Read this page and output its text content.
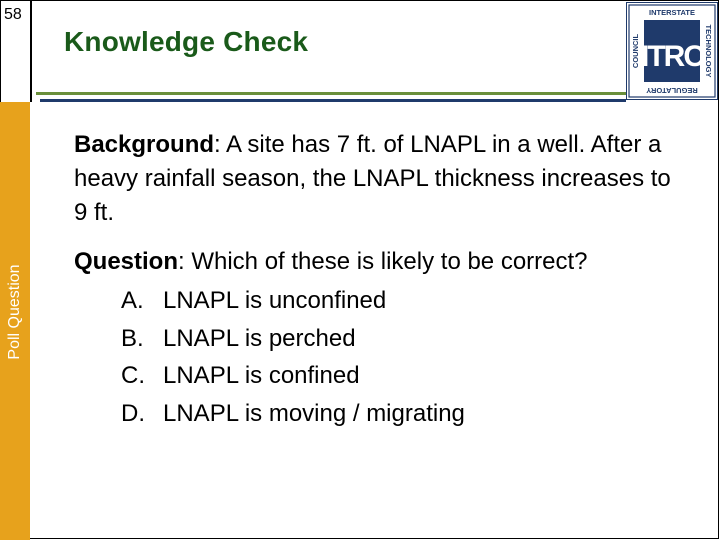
58
Knowledge Check
Poll Question
INTERSTATE
REGULATORY
COUNCIL	TECHNOLOGY
ITRC
Background: A site has 7 ft. of LNAPL in a well. After a heavy rainfall season, the LNAPL thickness increases to 9 ft.
Question: Which of these is likely to be correct?
A. LNAPL is unconfined
B. LNAPL is perched
C. LNAPL is confined
D. LNAPL is moving / migrating
